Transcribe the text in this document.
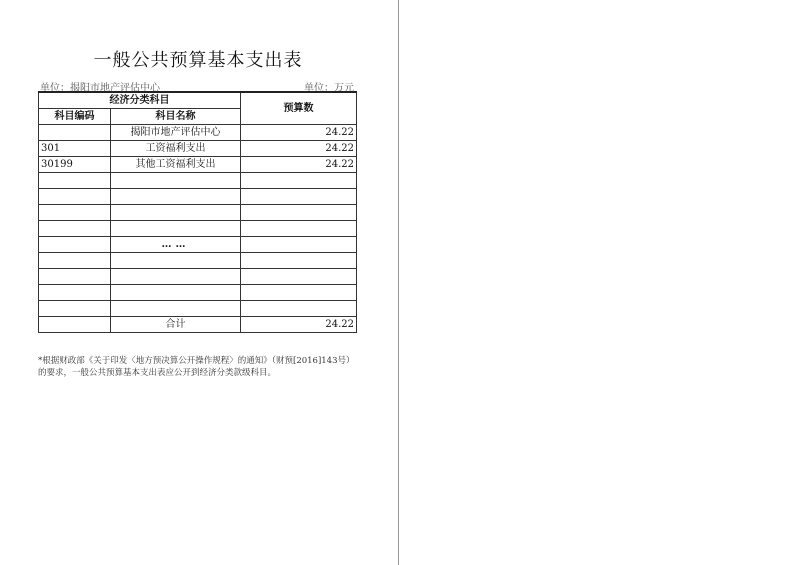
一般公共预算基本支出表
单位：揭阳市地产评估中心	单位：万元
经济分类科目		预算数
科目编码	科目名称	
	揭阳市地产评估中心	24.22
301	工资福利支出	24.22
30199	其他工资福利支出	24.22

	……	

	合计	24.22
*根据财政部《关于印发〈地方预决算公开操作规程〉的通知》（财预[2016]143号）的要求，一般公共预算基本支出表应公开到经济分类款级科目。
